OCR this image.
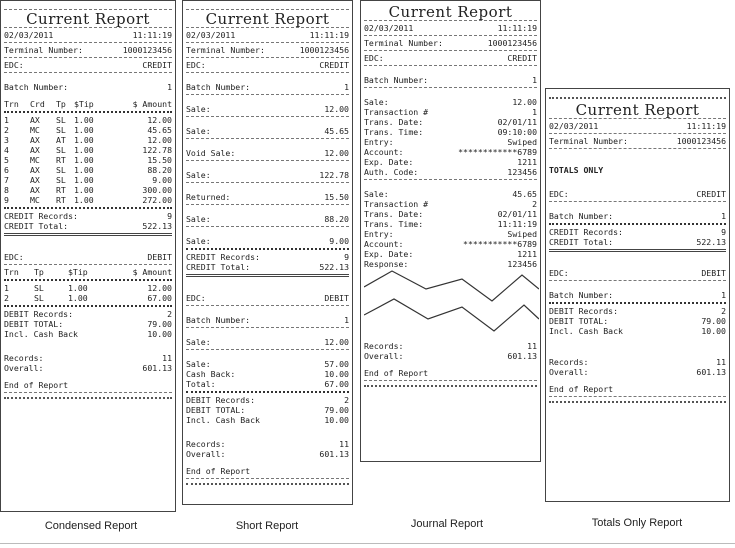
Current Report
02/03/2011	11:11:19
Terminal Number:	1000123456
EDC:	CREDIT
Batch Number:	1
Trn	Crd	Tp $Tip	$ Amount
1	AX	SL 1.00	12.00
2	MC	SL 1.00	45.65
3	AX	AT 1.00	12.00
4	AX	SL 1.00	122.78
5	MC	RT 1.00	15.50
6	AX	SL 1.00	88.20
7	AX	SL 1.00	9.00
8	AX	RT 1.00	300.00
9	MC	RT 1.00	272.00
CREDIT Records:	9
CREDIT Total:	522.13
EDC:	DEBIT
Trn	Tp	$Tip	$ Amount
1	SL	1.00	12.00
2	SL	1.00	67.00
DEBIT Records:	2
DEBIT TOTAL:	79.00
Incl. Cash Back	10.00
Records:	11
Overall:	601.13
End of Report
Current Report
02/03/2011	11:11:19
Terminal Number:	1000123456
EDC:	CREDIT
Batch Number:	1
Sale:	12.00
Sale:	45.65
Void Sale:	12.00
Sale:	122.78
Returned:	15.50
Sale:	88.20
Sale:	9.00
CREDIT Records:	9
CREDIT Total:	522.13
EDC:	DEBIT
Batch Number:	1
Sale:	12.00
Sale:	57.00
Cash Back:	10.00
Total:	67.00
DEBIT Records:	2
DEBIT TOTAL:	79.00
Incl. Cash Back	10.00
Records:	11
Overall:	601.13
End of Report
Current Report
02/03/2011	11:11:19
Terminal Number:	1000123456
EDC:	CREDIT
Batch Number:	1
Sale:	12.00
Transaction #	1
Trans. Date:	02/01/11
Trans. Time:	09:10:00
Entry:	Swiped
Account:	************6789
Exp. Date:	1211
Auth. Code:	123456
Sale:	45.65
Transaction #	2
Trans. Date:	02/01/11
Trans. Time:	11:11:19
Entry:	Swiped
Account:	***********6789
Exp. Date:	1211
Response:	123456
Records:	11
Overall:	601.13
End of Report
Current Report
02/03/2011	11:11:19
Terminal Number:	1000123456
TOTALS ONLY
EDC:	CREDIT
Batch Number:	1
CREDIT Records:	9
CREDIT Total:	522.13
EDC:	DEBIT
Batch Number:	1
DEBIT Records:	2
DEBIT TOTAL:	79.00
Incl. Cash Back	10.00
Records:	11
Overall:	601.13
End of Report
Condensed Report	Short Report	Journal Report	Totals Only Report
